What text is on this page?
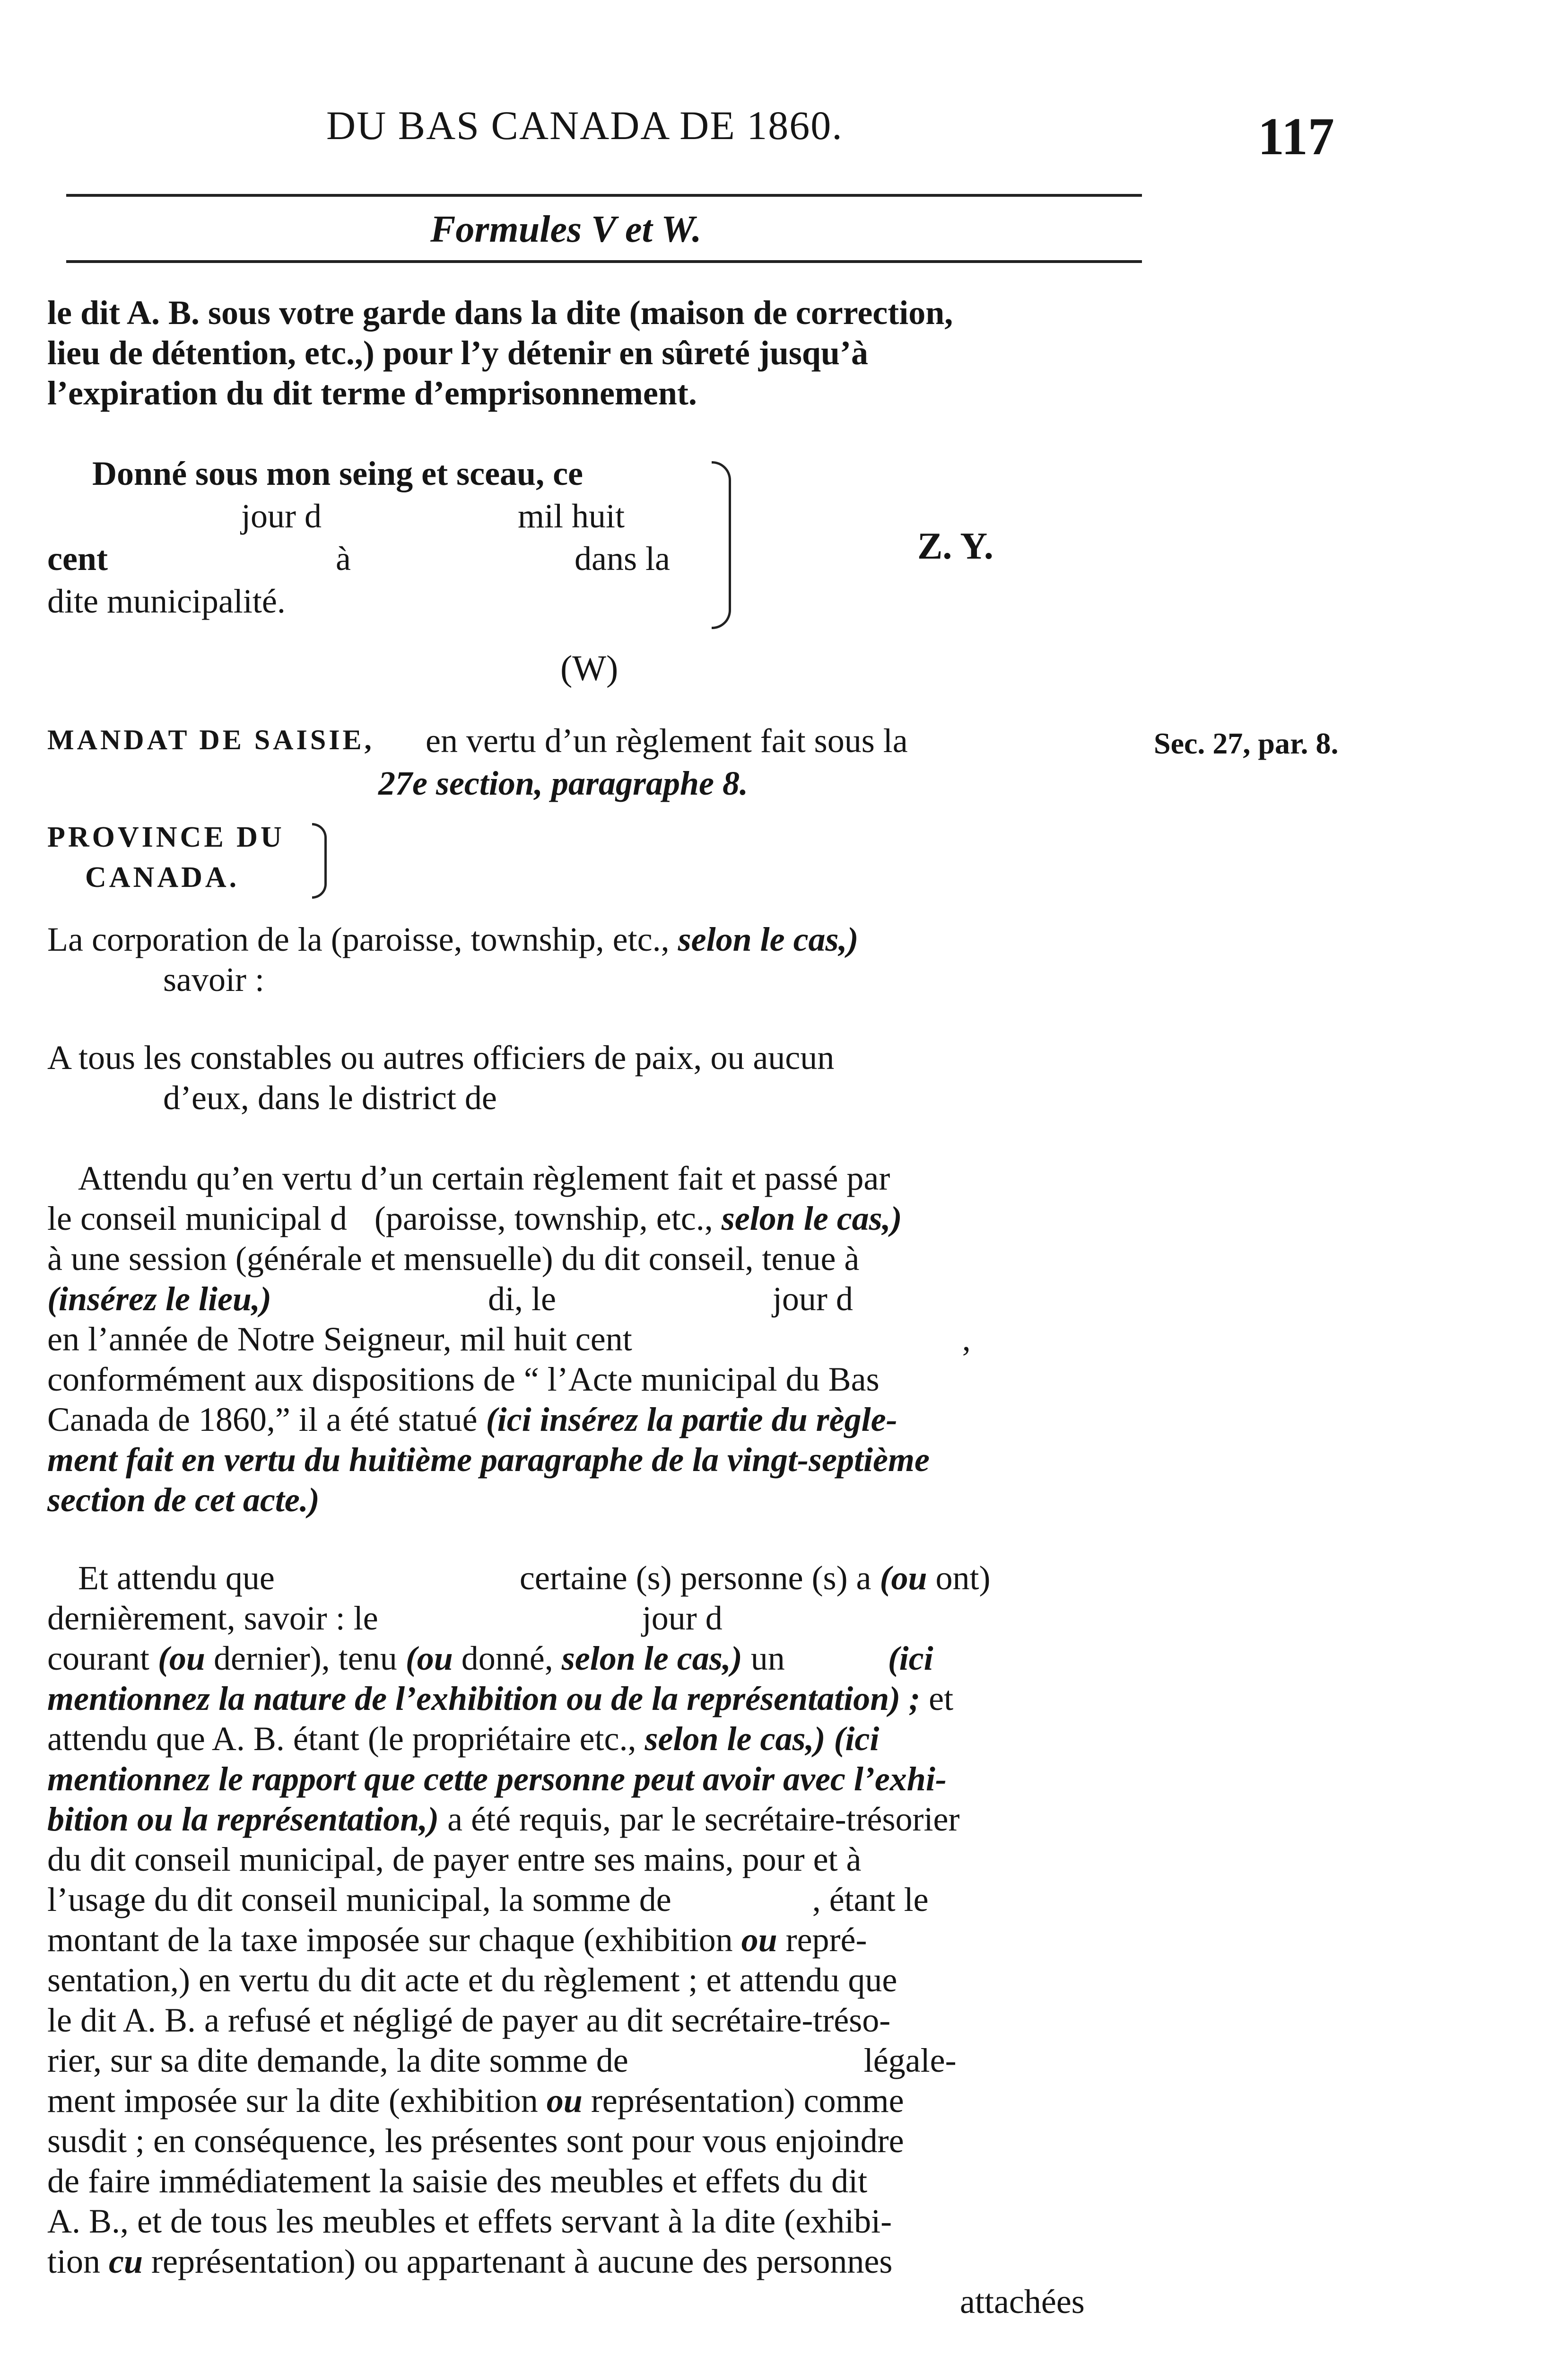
DU BAS CANADA DE 1860.	117
Formules V et W.
le dit A. B. sous votre garde dans la dite (maison de correction,
lieu de détention, etc.,) pour l’y détenir en sûreté jusqu’à
l’expiration du dit terme d’emprisonnement.
Donné sous mon seing et sceau, ce
jour d	mil huit
cent	à	dans la
dite municipalité.
Z. Y.
(W)
MANDAT DE SAISIE, en vertu d’un règlement fait sous la
27e section, paragraphe 8.
Sec. 27, par. 8.
PROVINCE DU
CANADA.
La corporation de la (paroisse, township, etc., selon le cas,)
savoir :
A tous les constables ou autres officiers de paix, ou aucun
d’eux, dans le district de
Attendu qu’en vertu d’un certain règlement fait et passé par
le conseil municipal d (paroisse, township, etc., selon le cas,)
à une session (générale et mensuelle) du dit conseil, tenue à
(insérez le lieu,)	di, le	jour d
en l’année de Notre Seigneur, mil huit cent	,
conformément aux dispositions de “ l’Acte municipal du Bas
Canada de 1860,” il a été statué (ici insérez la partie du règle-
ment fait en vertu du huitième paragraphe de la vingt-septième
section de cet acte.)
Et attendu que	certaine (s) personne (s) a (ou ont)
dernièrement, savoir : le	jour d
courant (ou dernier), tenu (ou donné, selon le cas,) un	(ici
mentionnez la nature de l’exhibition ou de la représentation) ; et
attendu que A. B. étant (le propriétaire etc., selon le cas,) (ici
mentionnez le rapport que cette personne peut avoir avec l’exhi-
bition ou la représentation,) a été requis, par le secrétaire-trésorier
du dit conseil municipal, de payer entre ses mains, pour et à
l’usage du dit conseil municipal, la somme de	, étant le
montant de la taxe imposée sur chaque (exhibition ou repré-
sentation,) en vertu du dit acte et du règlement ; et attendu que
le dit A. B. a refusé et négligé de payer au dit secrétaire-tréso-
rier, sur sa dite demande, la dite somme de	légale-
ment imposée sur la dite (exhibition ou représentation) comme
susdit ; en conséquence, les présentes sont pour vous enjoindre
de faire immédiatement la saisie des meubles et effets du dit
A. B., et de tous les meubles et effets servant à la dite (exhibi-
tion cu représentation) ou appartenant à aucune des personnes
attachées
